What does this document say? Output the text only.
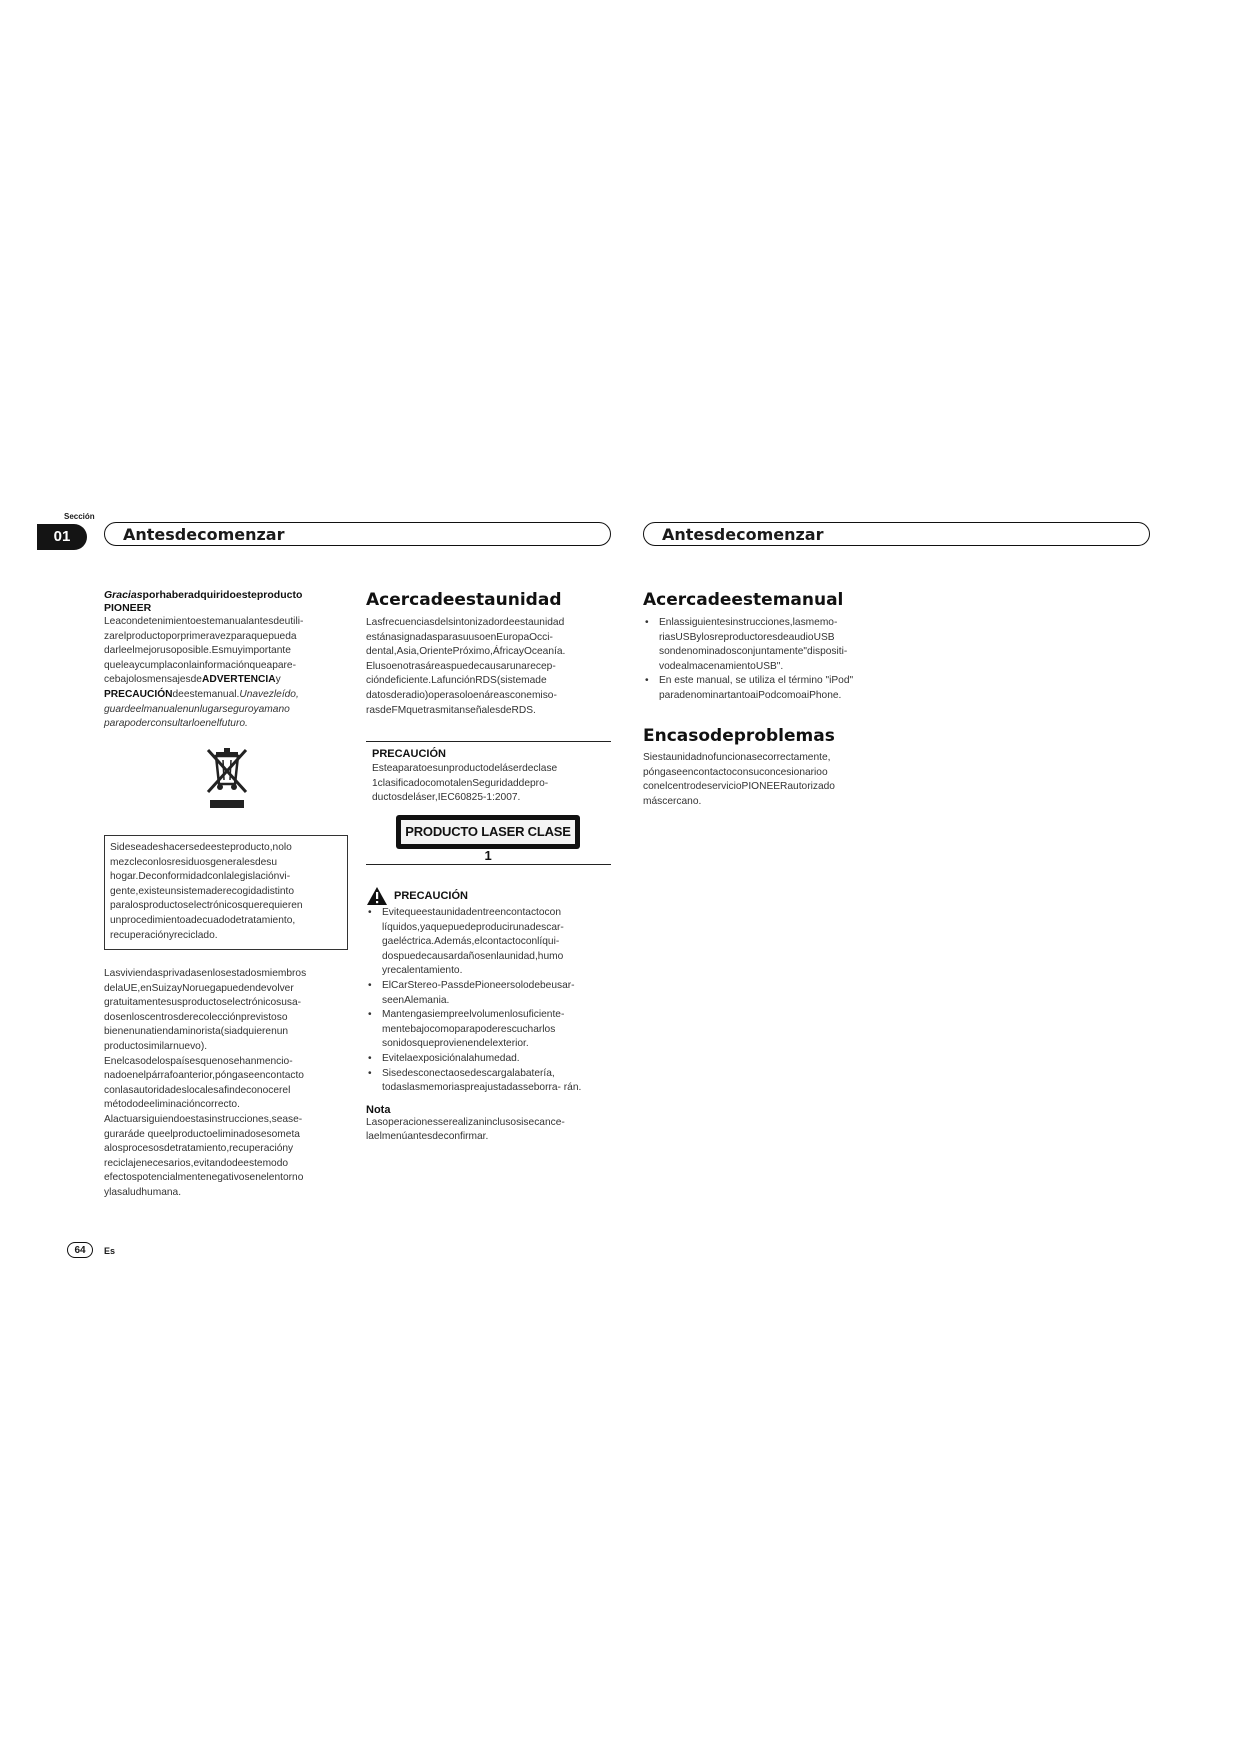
Sección
01	Antesdecomenzar	Antesdecomenzar
Graciasporhaberadquiridoesteproducto
PIONEER
Leacondetenimientoestemanualantesdeutili- zarelproductoporprimeravezparaquepueda darleelmejorusoposible.Esmuyimportante queleaycumplaconlainformaciónqueapare- cebajolosmensajesdeADVERTENCIAy PRECAUCIÓNdeestemanual.Unavezleído, guardeelmanualenunlugarseguroyamano parapoderconsultarloenelfuturo.
Sideseadeshacersedeesteproducto,nolo mezcleconlosresiduosgeneralesdesu hogar.Deconformidadconlalegislaciónvi- gente,existeunsistemaderecogidadistinto paralosproductoselectrónicosquerequieren unprocedimientoadecuadodetratamiento, recuperaciónyreciclado.
Lasviviendasprivadasenlosestadosmiembros delaUE,enSuizayNoruegapuedendevolver gratuitamentesusproductoselectrónicosusa- dosenloscentrosderecolecciónprevistoso bienenunatiendaminorista(siadquierenun productosimilarnuevo).
Enelcasodelospaísesquenosehanmencio- nadoenelpárrafoanterior,póngaseencontacto conlasautoridadeslocalesafindeconocerel métododeeliminacióncorrecto.
Alactuarsiguiendoestasinstrucciones,sease- guraráde queelproductoeliminadosesometa alosprocesosdetratamiento,recuperacióny reciclajenecesarios,evitandodeestemodo efectospotencialmentenegativosenelentorno ylasaludhumana.
Acercadeestaunidad
Lasfrecuenciasdelsintonizadordeestaunidad estánasignadasparasuusoenEuropaOcci- dental,Asia,OrientePróximo,ÁfricayOceanía. Elusoenotrasáreaspuedecausarunarecep- cióndeficiente.LafunciónRDS(sistemade datosderadio)operasoloenáreasconemiso- rasdeFMquetrasmitanseñalesdeRDS.
PRECAUCIÓN
Esteaparatoesunproductodeláserdeclase 1clasificadocomotalenSeguridaddepro- ductosdeláser,IEC60825-1:2007.
PRODUCTO LASER CLASE 1
PRECAUCIÓN
• Evitequeestaunidadentreencontactocon líquidos,yaquepuedeproducirunadescar- gaeléctrica.Además,elcontactoconlíqui- dospuedecausardañosenlaunidad,humo yrecalentamiento.
• ElCarStereo-PassdePioneersolodebeusar- seenAlemania.
• Mantengasiempreelvolumenlosuficiente- mentebajocomoparapoderescucharlos sonidosqueprovienendelexterior.
• Evitelaexposiciónalahumedad.
• Sisedesconectaosedescargalabatería, todaslasmemoriaspreajustadasseborra- rán.
Nota
Lasoperacionesserealizaninclusosisecance- laelmenúantesdeconfirmar.
Acercadeestemanual
• Enlassiguientesinstrucciones,lasmemo- riasUSBylosreproductoresdeaudioUSB sondenominadosconjuntamente"dispositi- vodealmacenamientoUSB".
• En este manual, se utiliza el término "iPod" paradenominartantoaiPodcomoaiPhone.
Encasodeproblemas
Siestaunidadnofuncionasecorrectamente, póngaseencontactoconsuconcesionarioo conelcentrodeservicioPIONEERautorizado máscercano.
64	Es
